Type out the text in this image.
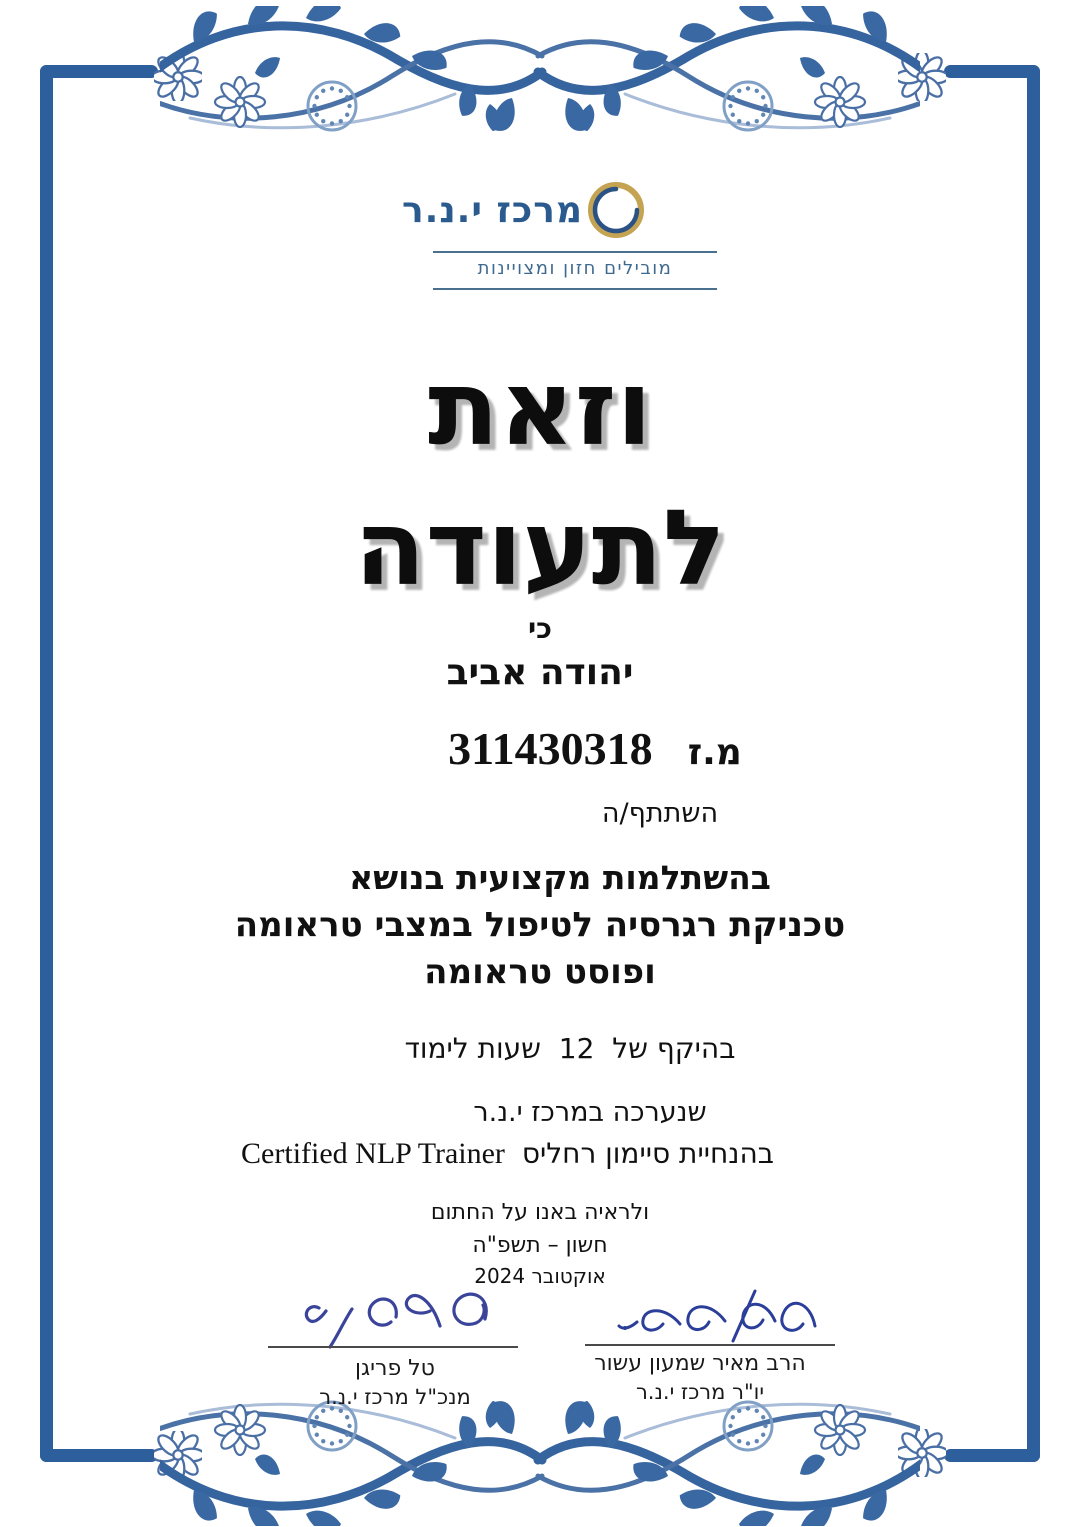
מרכז י.נ.ר
מובילים חזון ומצויינות
וזאת
לתעודה
כי
יהודה אביב
מ.ז 311430318
השתתף/ה
בהשתלמות מקצועית בנושא
טכניקת רגרסיה לטיפול במצבי טראומה
ופוסט טראומה
בהיקף של  12  שעות לימוד
שנערכה במרכז י.נ.ר
בהנחיית סיימון רחליס Certified NLP Trainer
ולראיה באנו על החתום
חשון – תשפ"ה
אוקטובר 2024
הרב מאיר שמעון עשור
יו"ר מרכז י.נ.ר
טל פריגן
מנכ"ל מרכז י.נ.ר
